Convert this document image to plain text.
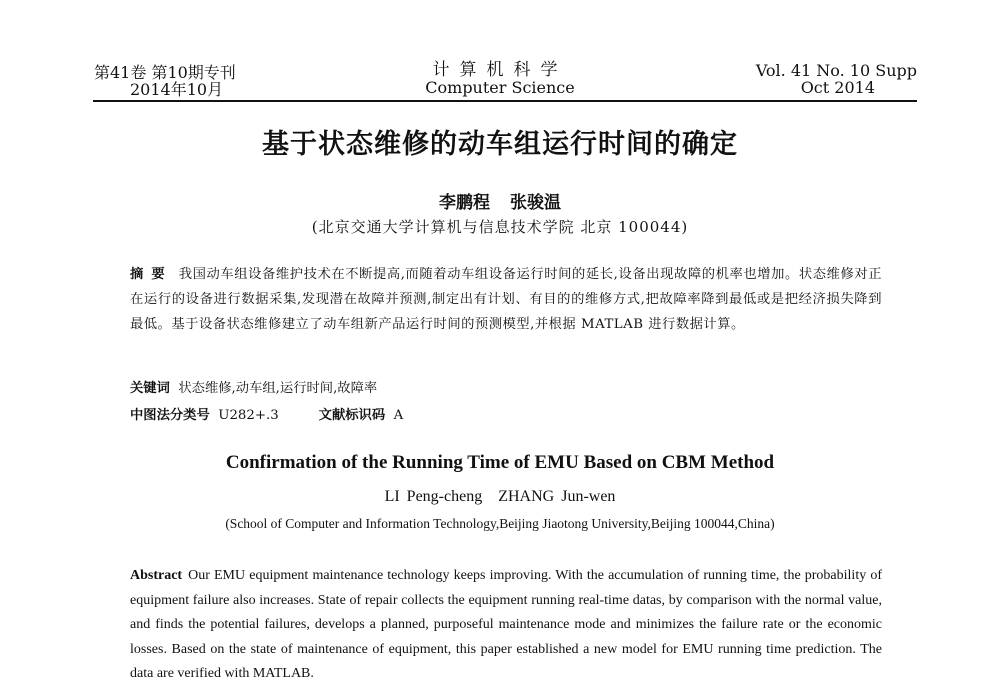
第41卷 第10期专刊
2014年10月
计算机科学
Computer Science
Vol. 41 No. 10 Supp
Oct 2014
基于状态维修的动车组运行时间的确定
李鹏程 张骏温
(北京交通大学计算机与信息技术学院 北京 100044)
摘要 我国动车组设备维护技术在不断提高,而随着动车组设备运行时间的延长,设备出现故障的机率也增加。状态维修对正在运行的设备进行数据采集,发现潜在故障并预测,制定出有计划、有目的的维修方式,把故障率降到最低或是把经济损失降到最低。基于设备状态维修建立了动车组新产品运行时间的预测模型,并根据 MATLAB 进行数据计算。
关键词 状态维修,动车组,运行时间,故障率
中图法分类号 U282+.3	文献标识码 A
Confirmation of the Running Time of EMU Based on CBM Method
LI Peng-cheng ZHANG Jun-wen
(School of Computer and Information Technology,Beijing Jiaotong University,Beijing 100044,China)
Abstract Our EMU equipment maintenance technology keeps improving. With the accumulation of running time, the probability of equipment failure also increases. State of repair collects the equipment running real-time datas, by comparison with the normal value, and finds the potential failures, develops a planned, purposeful maintenance mode and minimizes the failure rate or the economic losses. Based on the state of maintenance of equipment, this paper established a new model for EMU running time prediction. The data are verified with MATLAB.
